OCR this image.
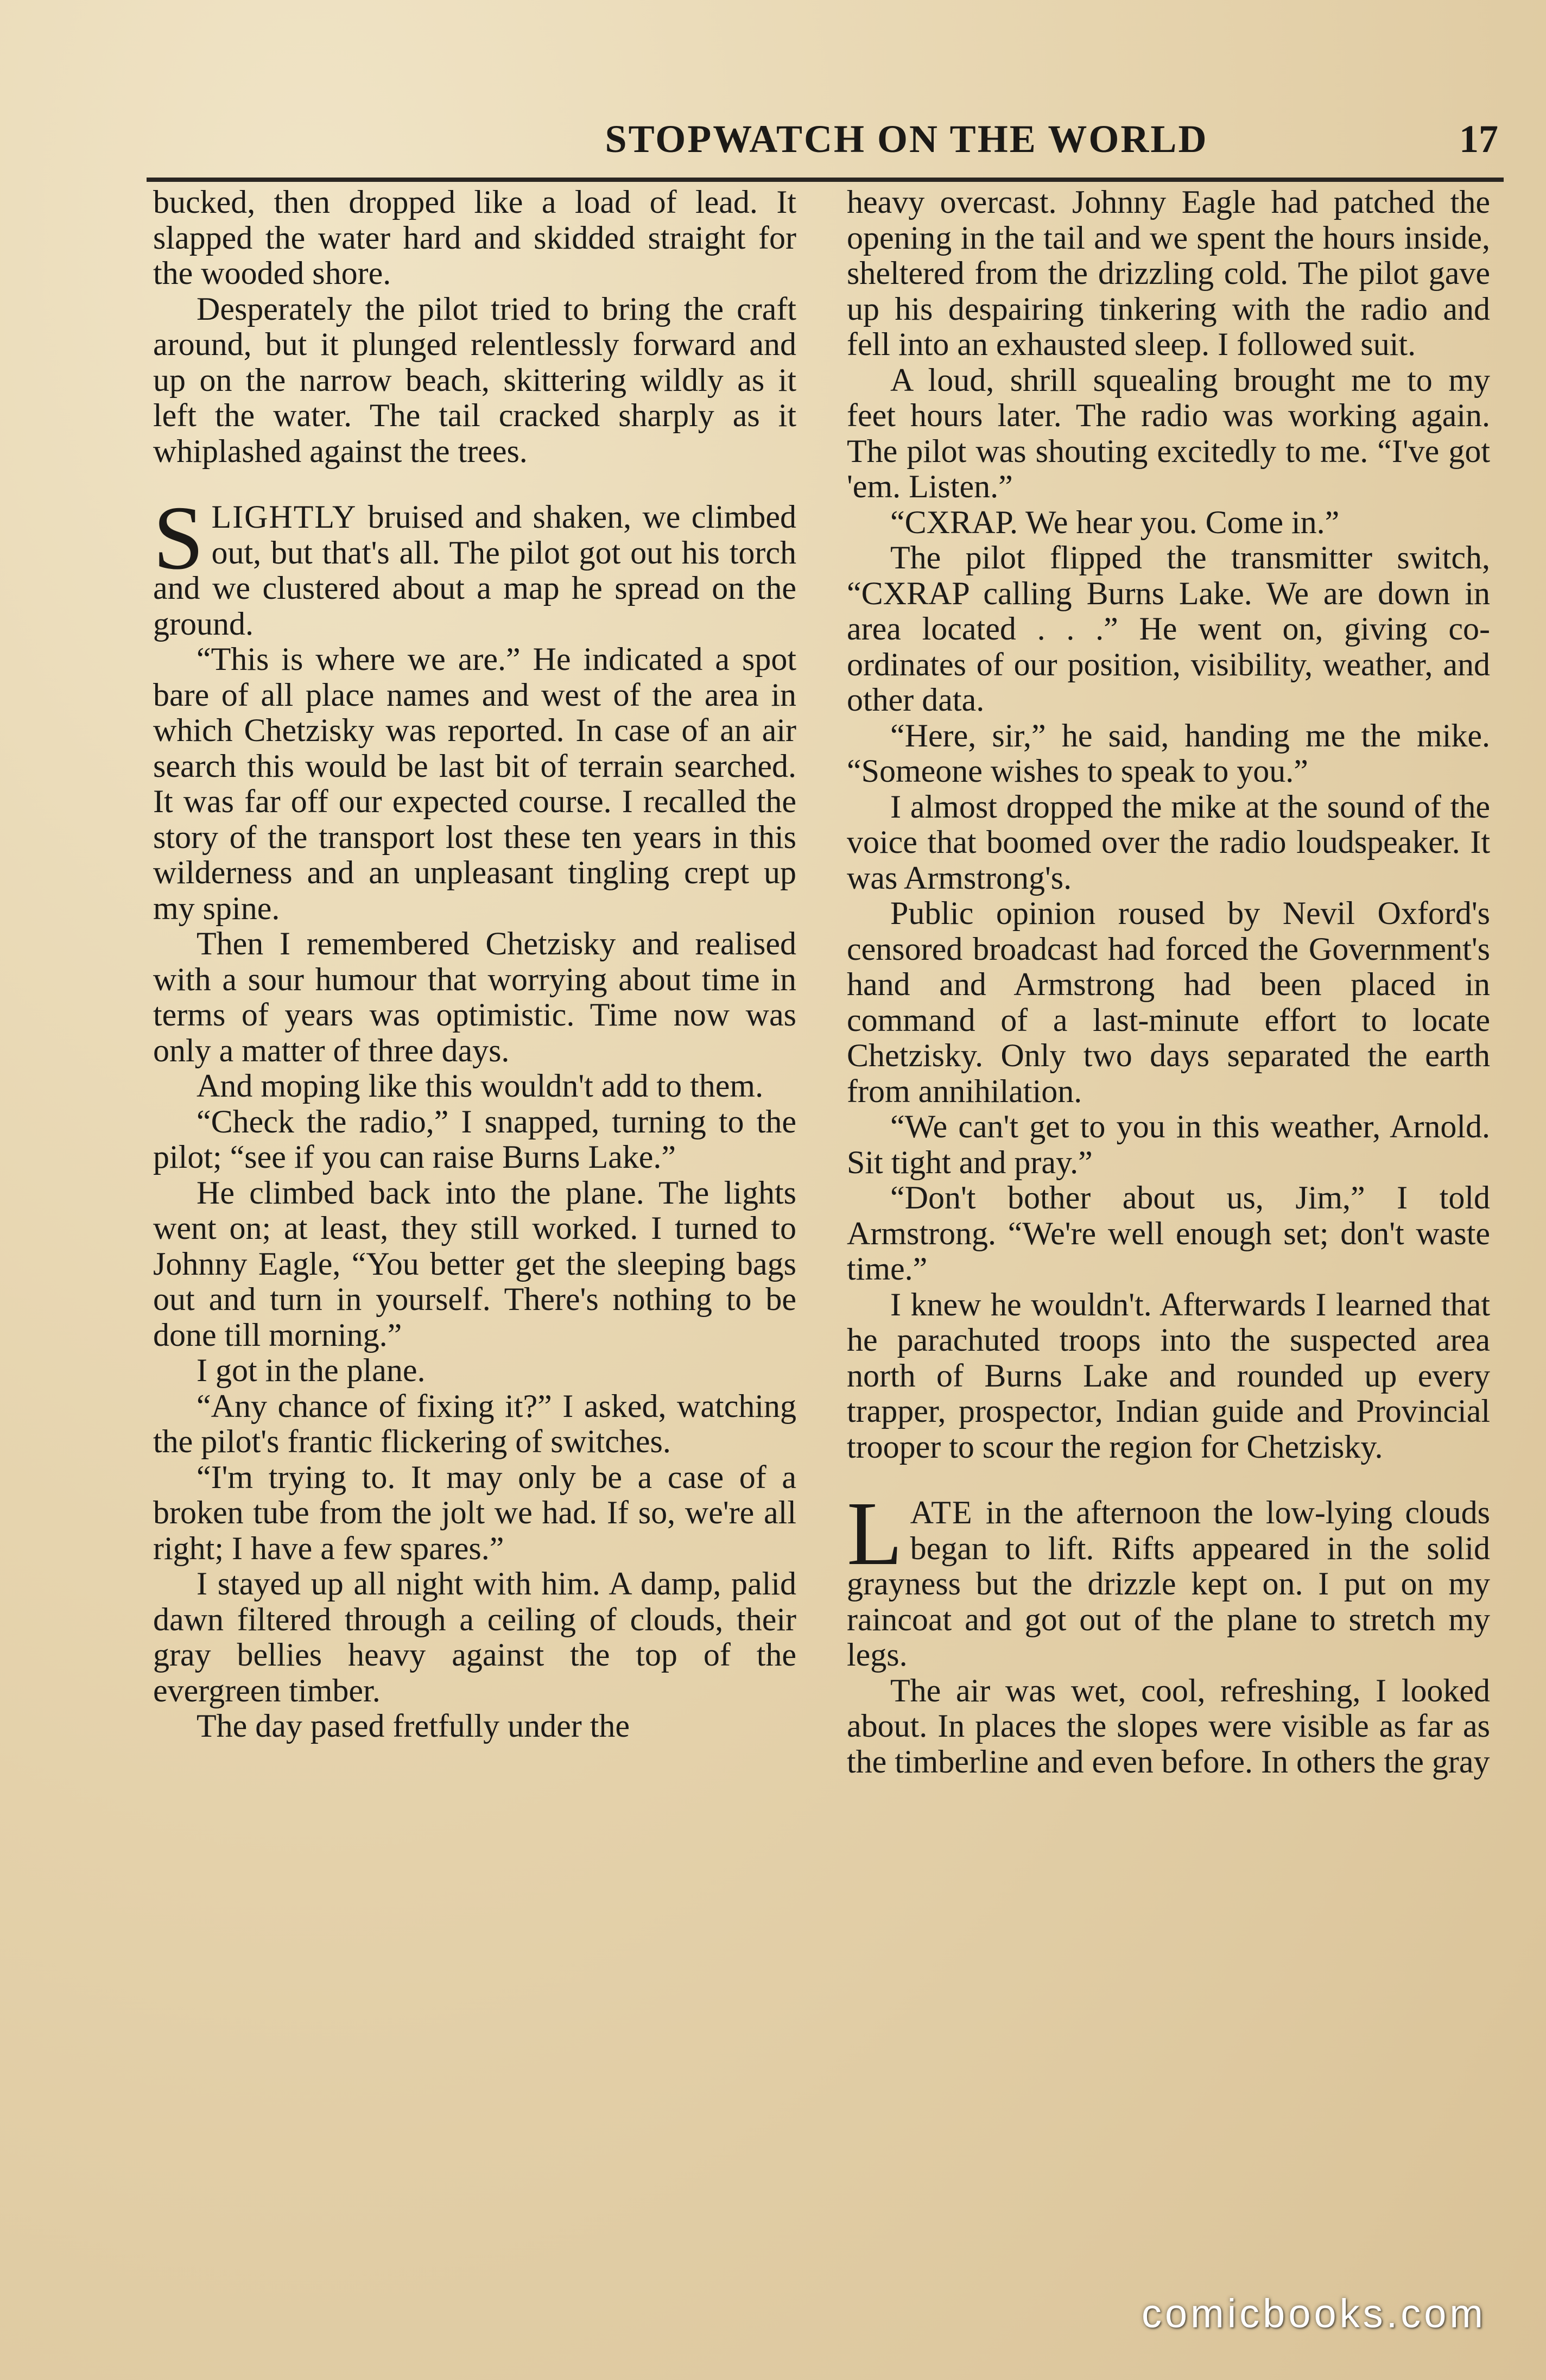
STOPWATCH ON THE WORLD	17

bucked, then dropped like a load of lead. It slapped the water hard and skidded straight for the wooded shore.

Desperately the pilot tried to bring the craft around, but it plunged relentlessly forward and up on the narrow beach, skittering wildly as it left the water. The tail cracked sharply as it whiplashed against the trees.

SLIGHTLY bruised and shaken, we climbed out, but that's all. The pilot got out his torch and we clustered about a map he spread on the ground.

“This is where we are.” He indicated a spot bare of all place names and west of the area in which Chetzisky was reported. In case of an air search this would be last bit of terrain searched. It was far off our expected course. I recalled the story of the transport lost these ten years in this wilderness and an unpleasant tingling crept up my spine.

Then I remembered Chetzisky and realised with a sour humour that worrying about time in terms of years was optimistic. Time now was only a matter of three days.

And moping like this wouldn't add to them.

“Check the radio,” I snapped, turning to the pilot; “see if you can raise Burns Lake.”

He climbed back into the plane. The lights went on; at least, they still worked. I turned to Johnny Eagle, “You better get the sleeping bags out and turn in yourself. There's nothing to be done till morning.”

I got in the plane.

“Any chance of fixing it?” I asked, watching the pilot's frantic flickering of switches.

“I'm trying to. It may only be a case of a broken tube from the jolt we had. If so, we're all right; I have a few spares.”

I stayed up all night with him. A damp, palid dawn filtered through a ceiling of clouds, their gray bellies heavy against the top of the evergreen timber.

The day pased fretfully under the

heavy overcast. Johnny Eagle had patched the opening in the tail and we spent the hours inside, sheltered from the drizzling cold. The pilot gave up his despairing tinkering with the radio and fell into an exhausted sleep. I followed suit.

A loud, shrill squealing brought me to my feet hours later. The radio was working again. The pilot was shouting excitedly to me. “I've got 'em. Listen.”

“CXRAP. We hear you. Come in.”

The pilot flipped the transmitter switch, “CXRAP calling Burns Lake. We are down in area located . . .” He went on, giving co-ordinates of our position, visibility, weather, and other data.

“Here, sir,” he said, handing me the mike. “Someone wishes to speak to you.”

I almost dropped the mike at the sound of the voice that boomed over the radio loudspeaker. It was Armstrong's.

Public opinion roused by Nevil Oxford's censored broadcast had forced the Government's hand and Armstrong had been placed in command of a last-minute effort to locate Chetzisky. Only two days separated the earth from annihilation.

“We can't get to you in this weather, Arnold. Sit tight and pray.”

“Don't bother about us, Jim,” I told Armstrong. “We're well enough set; don't waste time.”

I knew he wouldn't. Afterwards I learned that he parachuted troops into the suspected area north of Burns Lake and rounded up every trapper, prospector, Indian guide and Provincial trooper to scour the region for Chetzisky.

LATE in the afternoon the low-lying clouds began to lift. Rifts appeared in the solid grayness but the drizzle kept on. I put on my raincoat and got out of the plane to stretch my legs.

The air was wet, cool, refreshing, I looked about. In places the slopes were visible as far as the timberline and even before. In others the gray

comicbooks.com
